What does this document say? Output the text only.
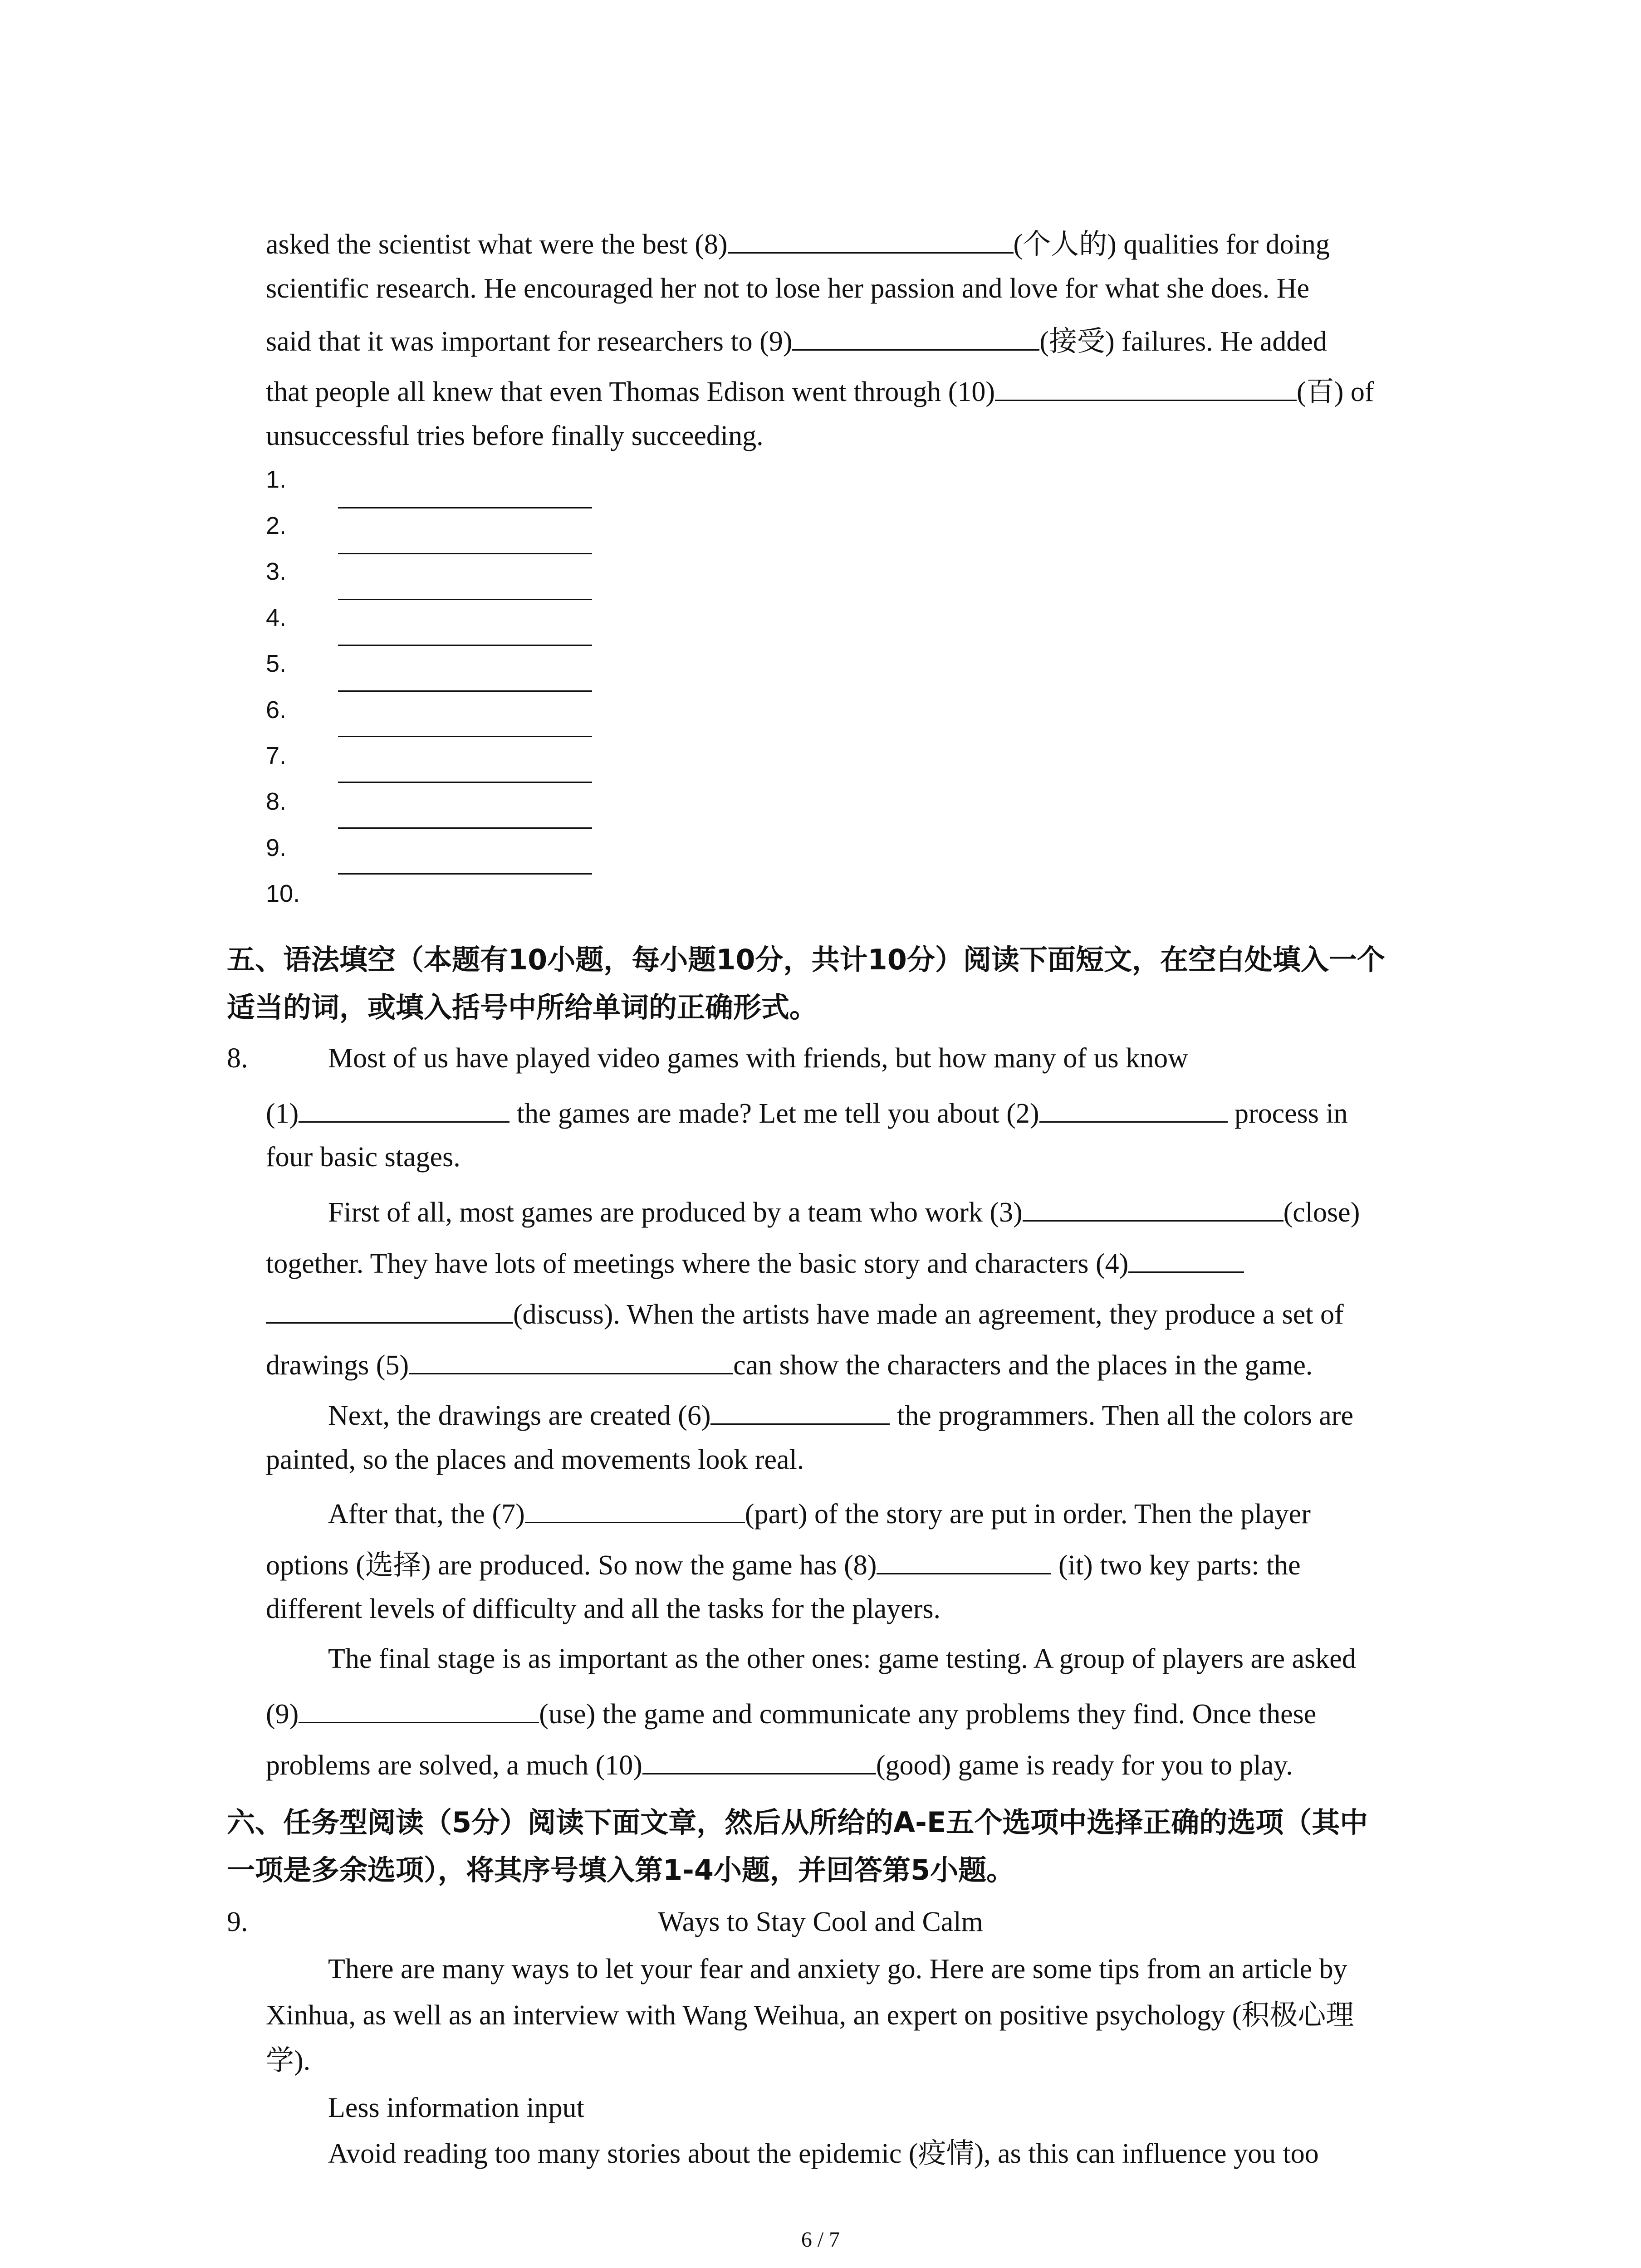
asked the scientist what were the best (8)	(个人的) qualities for doing
scientific research. He encouraged her not to lose her passion and love for what she does. He
said that it was important for researchers to (9)	(接受) failures. He added
that people all knew that even Thomas Edison went through (10)	(百) of
unsuccessful tries before finally succeeding.
1.
2.
3.
4.
5.
6.
7.
8.
9.
10.
五、语法填空（本题有10小题，每小题10分，共计10分）阅读下面短文，在空白处填入一个
适当的词，或填入括号中所给单词的正确形式。
8.	Most of us have played video games with friends, but how many of us know
(1)	the games are made? Let me tell you about (2)	process in
four basic stages.
First of all, most games are produced by a team who work (3)	(close)
together. They have lots of meetings where the basic story and characters (4)
(discuss). When the artists have made an agreement, they produce a set of
drawings (5)	can show the characters and the places in the game.
Next, the drawings are created (6)	the programmers. Then all the colors are
painted, so the places and movements look real.
After that, the (7)	(part) of the story are put in order. Then the player
options (选择) are produced. So now the game has (8)	(it) two key parts: the
different levels of difficulty and all the tasks for the players.
The final stage is as important as the other ones: game testing. A group of players are asked
(9)	(use) the game and communicate any problems they find. Once these
problems are solved, a much (10)	(good) game is ready for you to play.
六、任务型阅读（5分）阅读下面文章，然后从所给的A-E五个选项中选择正确的选项（其中
一项是多余选项），将其序号填入第1-4小题，并回答第5小题。
9.	Ways to Stay Cool and Calm
There are many ways to let your fear and anxiety go. Here are some tips from an article by
Xinhua, as well as an interview with Wang Weihua, an expert on positive psychology (积极心理
学).
Less information input
Avoid reading too many stories about the epidemic (疫情), as this can influence you too
6 / 7
